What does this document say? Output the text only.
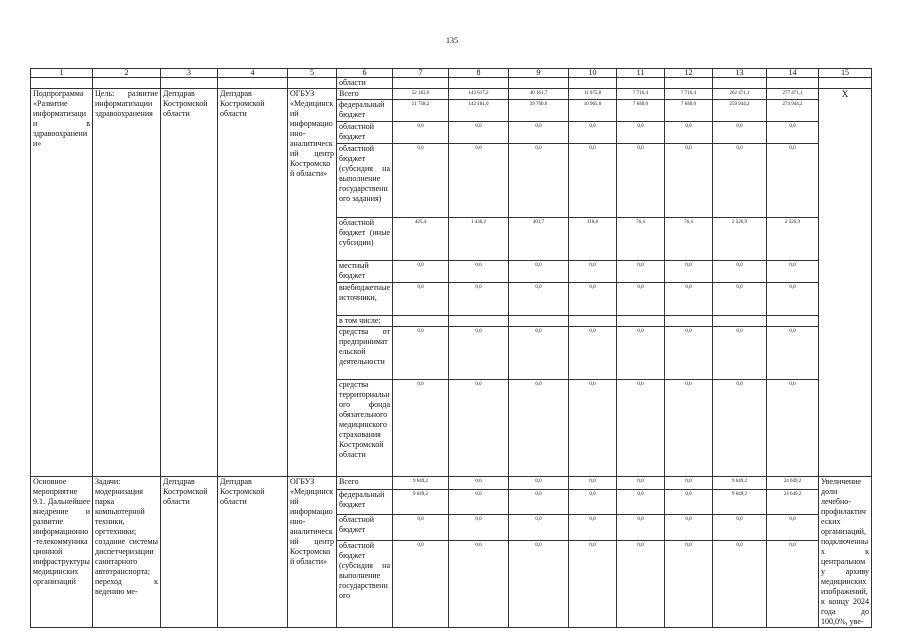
135
1	2	3	4	5	6	7	8	9	10	11	12	13	14	15
					области									
Подпрограмма «Развитие информатизации в здравоохранении»	Цель: развитие информатизации здравоохранения	Депздрав Костромской области	Депздрав Костромской области	ОГБУЗ «Медицинский информационно-аналитический центр Костромской области»	Всего	52 183,6	143 617,2	40 161,7	11 075,8	7 716,4	7 716,4	262 471,1	277 471,1	X

					федеральный бюджет	51 758,2	142 181,0	39 760,0	10 965,0	7 640,0	7 640,0	259 944,2	274 944,2	
					областной бюджет	0,0	0,0	0,0	0,0	0,0	0,0	0,0	0,0	
					областной бюджет (субсидия на выполнение государственного задания)	0,0	0,0	0,0	0,0	0,0	0,0	0,0	0,0	
					областной бюджет (иные субсидии)	425,4	1 436,2	401,7	110,8	76,4	76,4	2 526,9	2 526,9	
					местный бюджет	0,0	0,0	0,0	0,0	0,0	0,0	0,0	0,0	
					внебюджетные источники,	0,0	0,0	0,0	0,0	0,0	0,0	0,0	0,0	
					в том числе:									
					средства от предпринимательской деятельности	0,0	0,0	0,0	0,0	0,0	0,0	0,0	0,0	
					средства территориального фонда обязательного медицинского страхования Костромской области	0,0	0,0	0,0	0,0	0,0	0,0	0,0	0,0	
Основное мероприятие 9.1. Дальнейшее внедрение и развитие информационно-телекоммуникационной инфраструктуры медицинских организаций	Задачи: модернизация парка компьютерной техники, оргтехники; создание системы диспетчеризации санитарного автотранспорта; переход к ведению ме-	Депздрав Костромской области	Депздрав Костромской области	ОГБУЗ «Медицинский информационно-аналитический центр Костромской области»	Всего	9 649,2	0,0	0,0	0,0	0,0	0,0	9 649,2	24 649,2	Увеличение доли лечебно-профилактических организаций, подключенных к центральному архиву медицинских изображений, к концу 2024 года до 100,0%, уве-
					федеральный бюджет	9 649,2	0,0	0,0	0,0	0,0	0,0	9 649,2	24 649,2	
					областной бюджет	0,0	0,0	0,0	0,0	0,0	0,0	0,0	0,0	
					областной бюджет (субсидия на выполнение государственного	0,0	0,0	0,0	0,0	0,0	0,0	0,0	0,0	
